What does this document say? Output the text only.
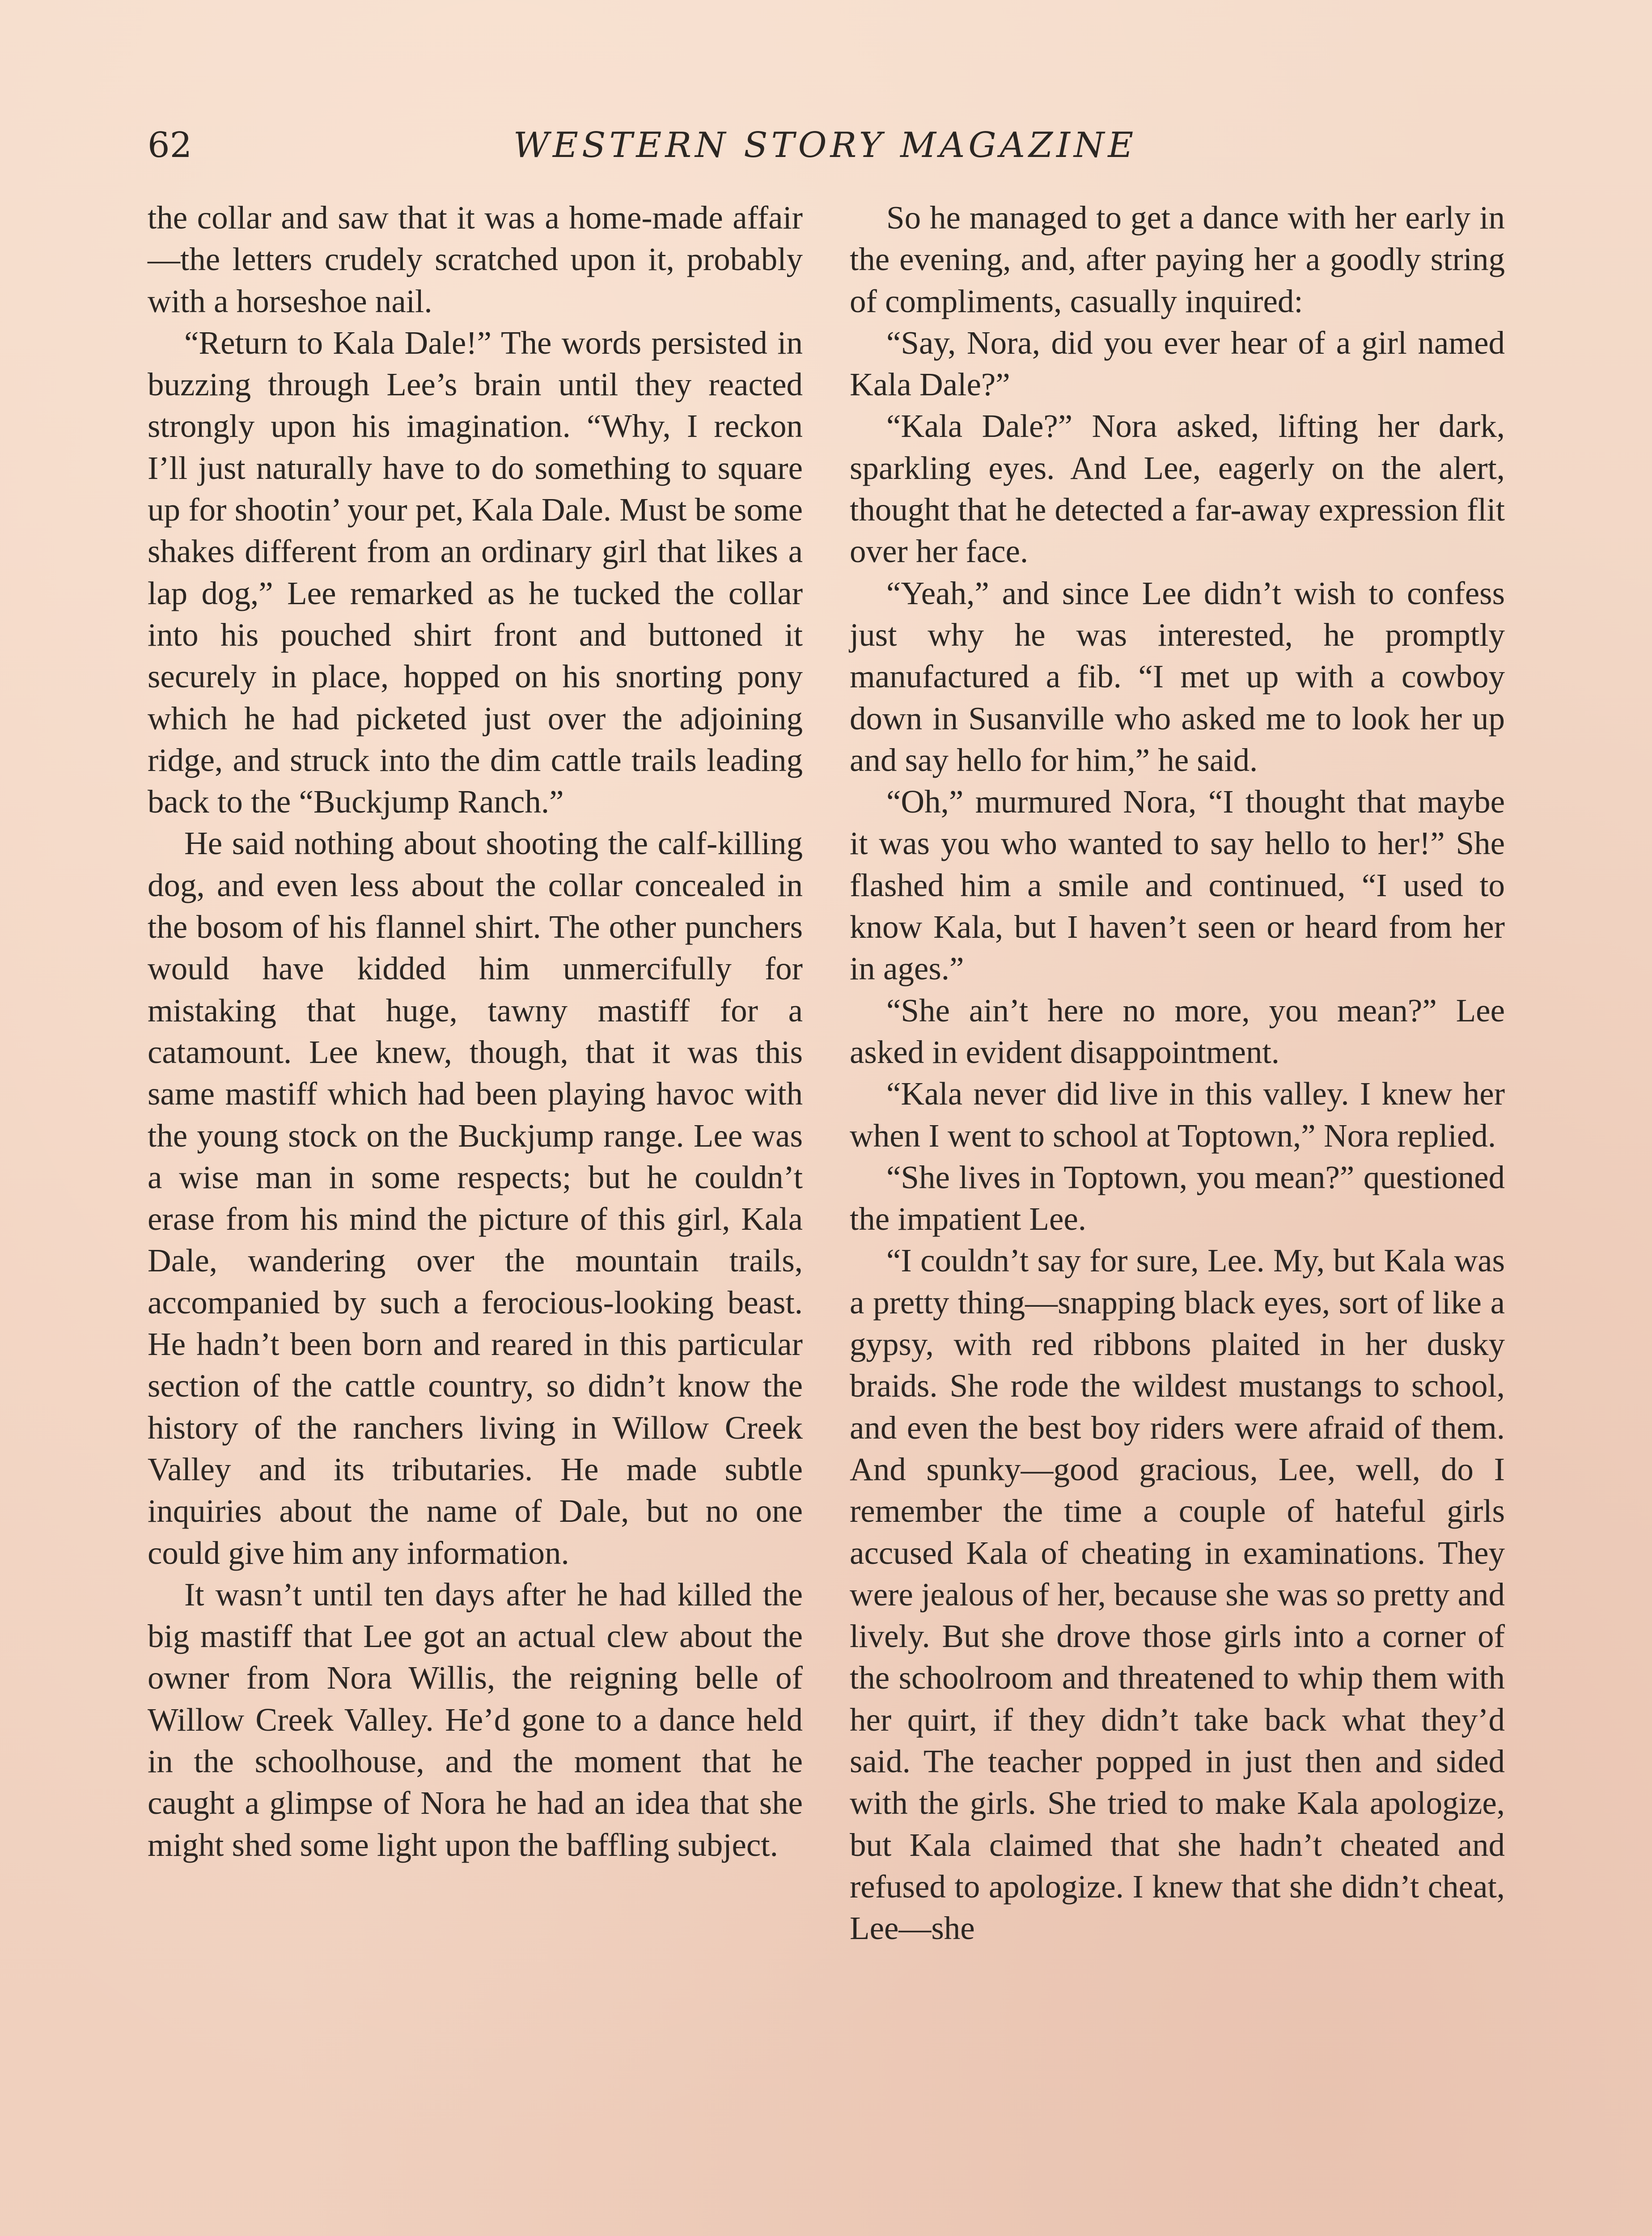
62	WESTERN STORY MAGAZINE

the collar and saw that it was a home-made affair—the letters crudely scratched upon it, probably with a horseshoe nail.

“Return to Kala Dale!” The words persisted in buzzing through Lee’s brain until they reacted strongly upon his imagination. “Why, I reckon I’ll just naturally have to do something to square up for shootin’ your pet, Kala Dale. Must be some shakes different from an ordinary girl that likes a lap dog,” Lee remarked as he tucked the collar into his pouched shirt front and buttoned it securely in place, hopped on his snorting pony which he had picketed just over the adjoining ridge, and struck into the dim cattle trails leading back to the “Buckjump Ranch.”

He said nothing about shooting the calf-killing dog, and even less about the collar concealed in the bosom of his flannel shirt. The other punchers would have kidded him unmercifully for mistaking that huge, tawny mastiff for a catamount. Lee knew, though, that it was this same mastiff which had been playing havoc with the young stock on the Buckjump range. Lee was a wise man in some respects; but he couldn’t erase from his mind the picture of this girl, Kala Dale, wandering over the mountain trails, accompanied by such a ferocious-looking beast. He hadn’t been born and reared in this particular section of the cattle country, so didn’t know the history of the ranchers living in Willow Creek Valley and its tributaries. He made subtle inquiries about the name of Dale, but no one could give him any information.

It wasn’t until ten days after he had killed the big mastiff that Lee got an actual clew about the owner from Nora Willis, the reigning belle of Willow Creek Valley. He’d gone to a dance held in the schoolhouse, and the moment that he caught a glimpse of Nora he had an idea that she might shed some light upon the baffling subject.

So he managed to get a dance with her early in the evening, and, after paying her a goodly string of compliments, casually inquired:

“Say, Nora, did you ever hear of a girl named Kala Dale?”

“Kala Dale?” Nora asked, lifting her dark, sparkling eyes. And Lee, eagerly on the alert, thought that he detected a far-away expression flit over her face.

“Yeah,” and since Lee didn’t wish to confess just why he was interested, he promptly manufactured a fib. “I met up with a cowboy down in Susanville who asked me to look her up and say hello for him,” he said.

“Oh,” murmured Nora, “I thought that maybe it was you who wanted to say hello to her!” She flashed him a smile and continued, “I used to know Kala, but I haven’t seen or heard from her in ages.”

“She ain’t here no more, you mean?” Lee asked in evident disappointment.

“Kala never did live in this valley. I knew her when I went to school at Toptown,” Nora replied.

“She lives in Toptown, you mean?” questioned the impatient Lee.

“I couldn’t say for sure, Lee. My, but Kala was a pretty thing—snapping black eyes, sort of like a gypsy, with red ribbons plaited in her dusky braids. She rode the wildest mustangs to school, and even the best boy riders were afraid of them. And spunky—good gracious, Lee, well, do I remember the time a couple of hateful girls accused Kala of cheating in examinations. They were jealous of her, because she was so pretty and lively. But she drove those girls into a corner of the schoolroom and threatened to whip them with her quirt, if they didn’t take back what they’d said. The teacher popped in just then and sided with the girls. She tried to make Kala apologize, but Kala claimed that she hadn’t cheated and refused to apologize. I knew that she didn’t cheat, Lee—she
